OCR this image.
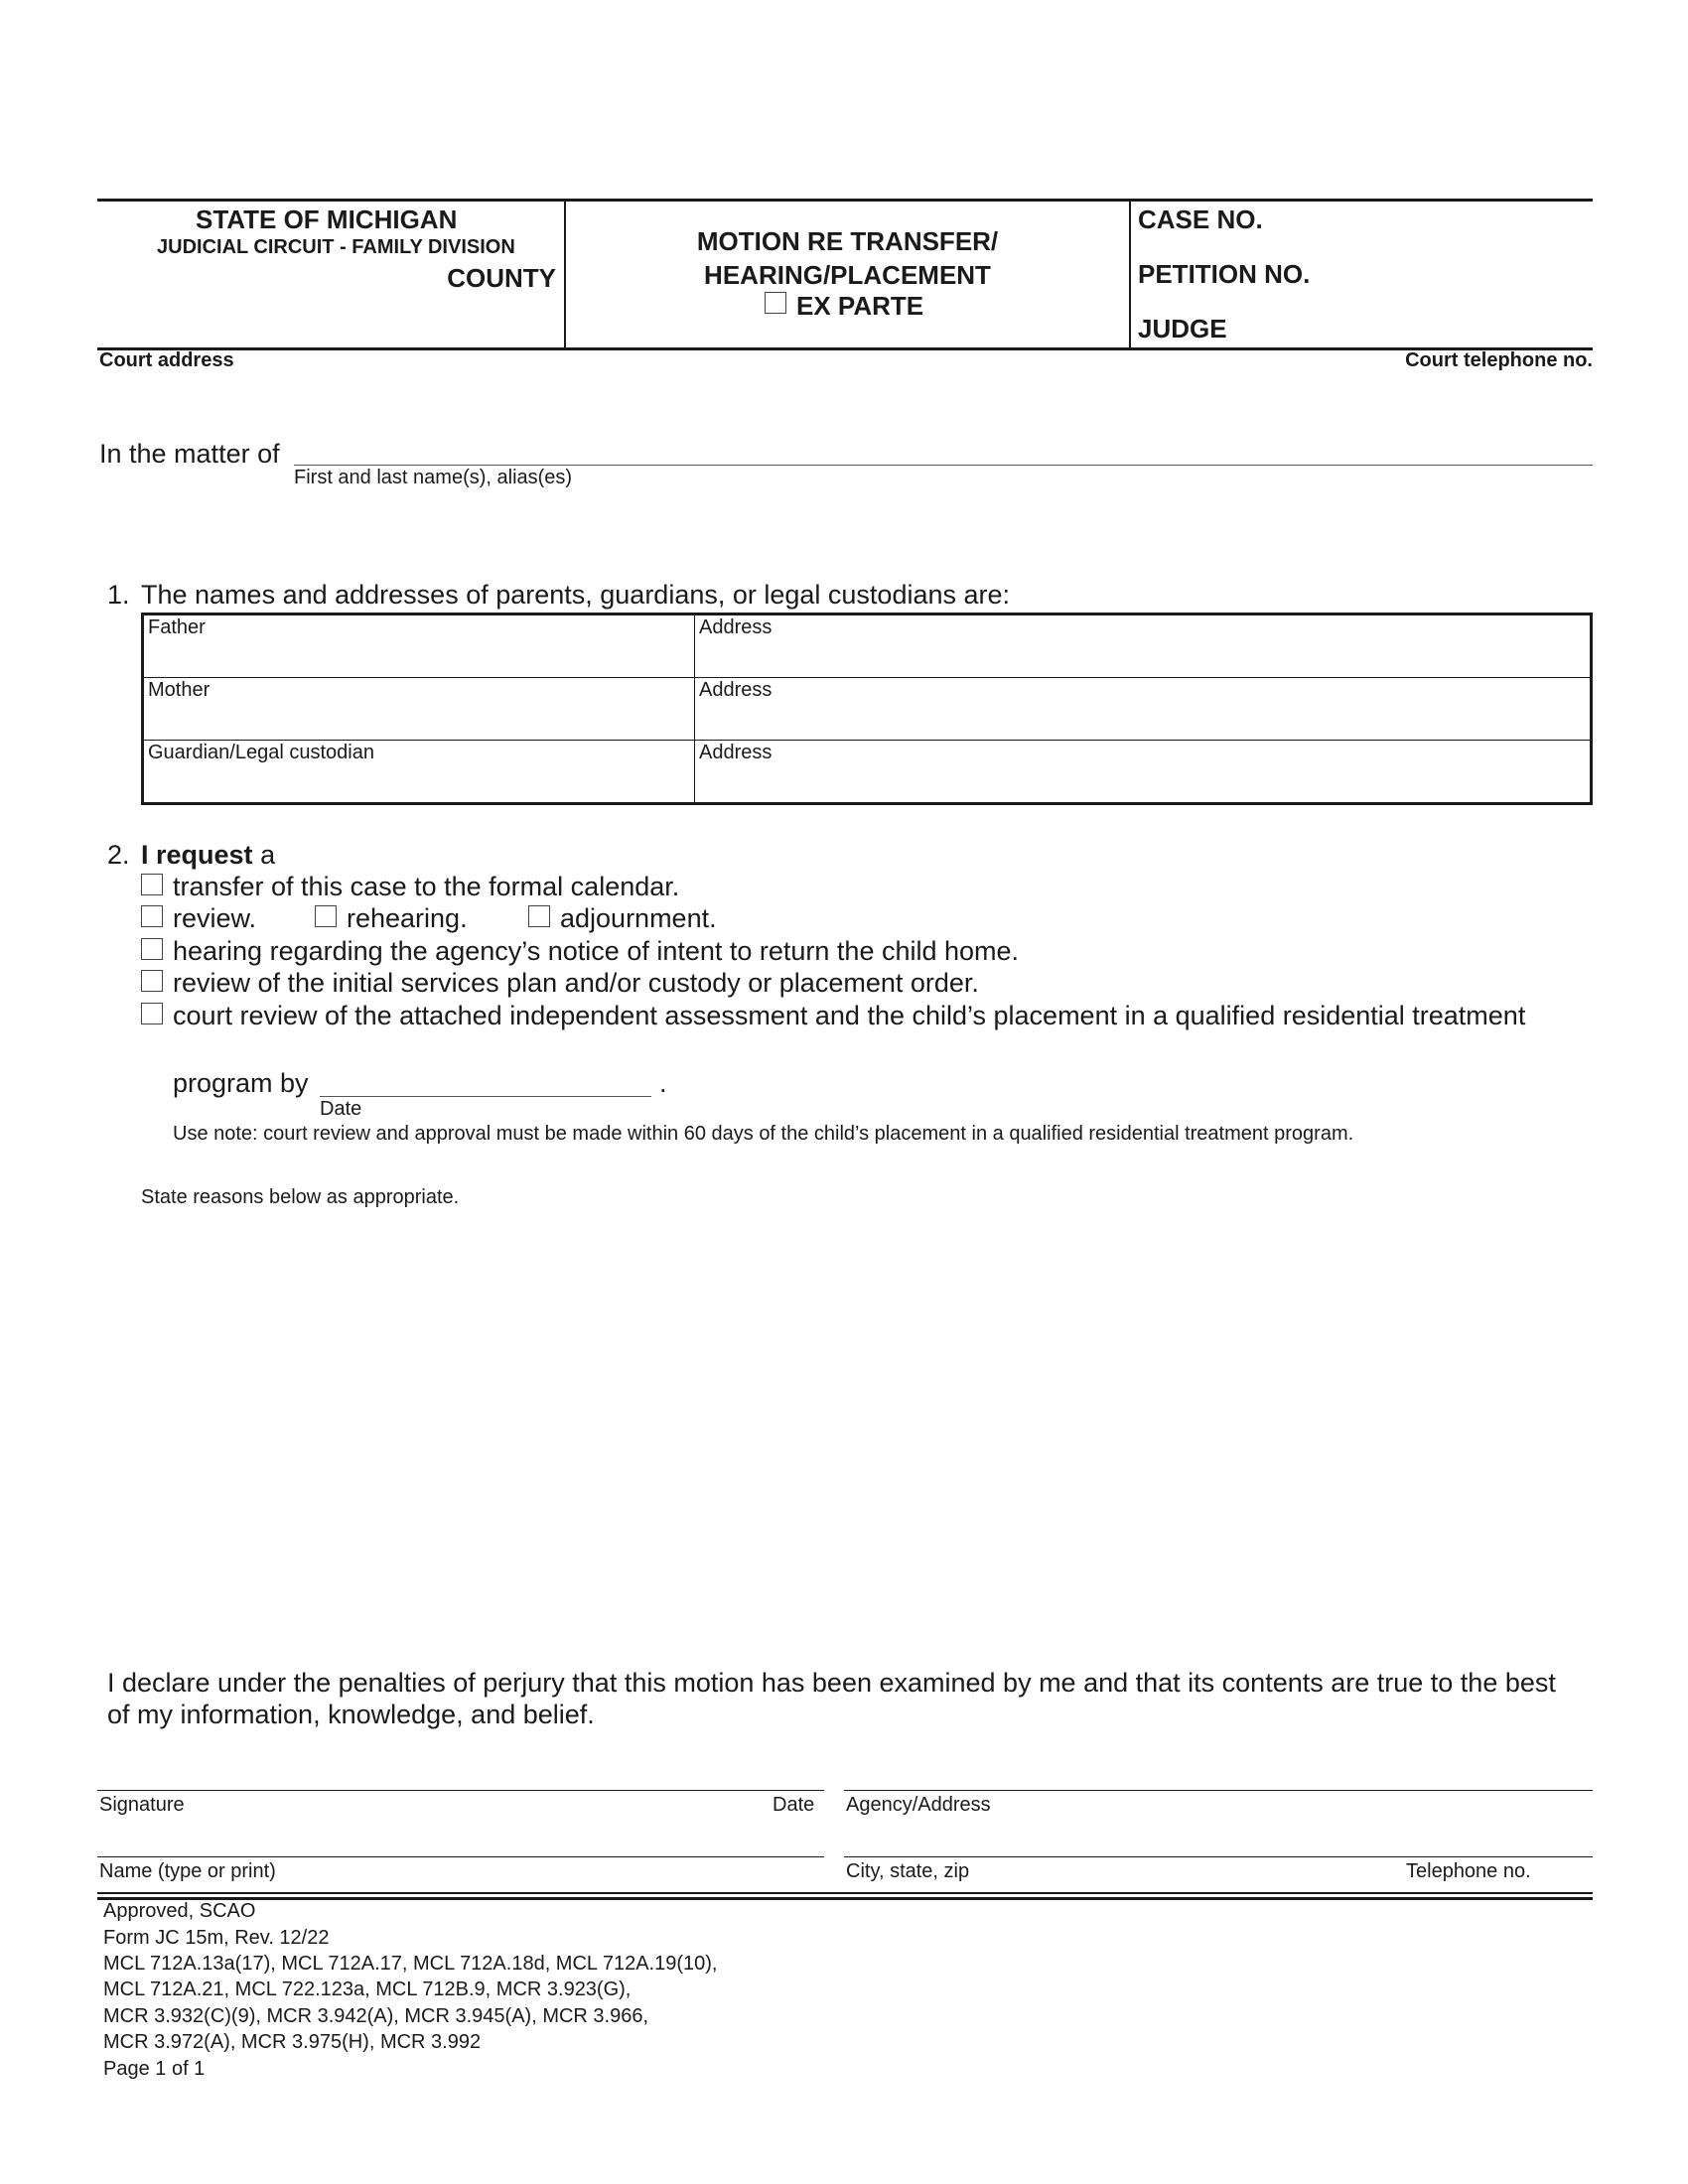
STATE OF MICHIGAN
JUDICIAL CIRCUIT - FAMILY DIVISION
COUNTY
MOTION RE TRANSFER/
HEARING/PLACEMENT
EX PARTE
CASE NO.
PETITION NO.
JUDGE
Court address	Court telephone no.
In the matter of
First and last name(s), alias(es)
1. The names and addresses of parents, guardians, or legal custodians are:
Father	Address
Mother	Address
Guardian/Legal custodian	Address
2. I request a
transfer of this case to the formal calendar.
review.	rehearing.	adjournment.
hearing regarding the agency’s notice of intent to return the child home.
review of the initial services plan and/or custody or placement order.
court review of the attached independent assessment and the child’s placement in a qualified residential treatment
program by	.
Date
Use note: court review and approval must be made within 60 days of the child’s placement in a qualified residential treatment program.
State reasons below as appropriate.
I declare under the penalties of perjury that this motion has been examined by me and that its contents are true to the best
of my information, knowledge, and belief.
Signature	Date Agency/Address
Name (type or print)	City, state, zip	Telephone no.
Approved, SCAO
Form JC 15m, Rev. 12/22
MCL 712A.13a(17), MCL 712A.17, MCL 712A.18d, MCL 712A.19(10),
MCL 712A.21, MCL 722.123a, MCL 712B.9, MCR 3.923(G),
MCR 3.932(C)(9), MCR 3.942(A), MCR 3.945(A), MCR 3.966,
MCR 3.972(A), MCR 3.975(H), MCR 3.992
Page 1 of 1
